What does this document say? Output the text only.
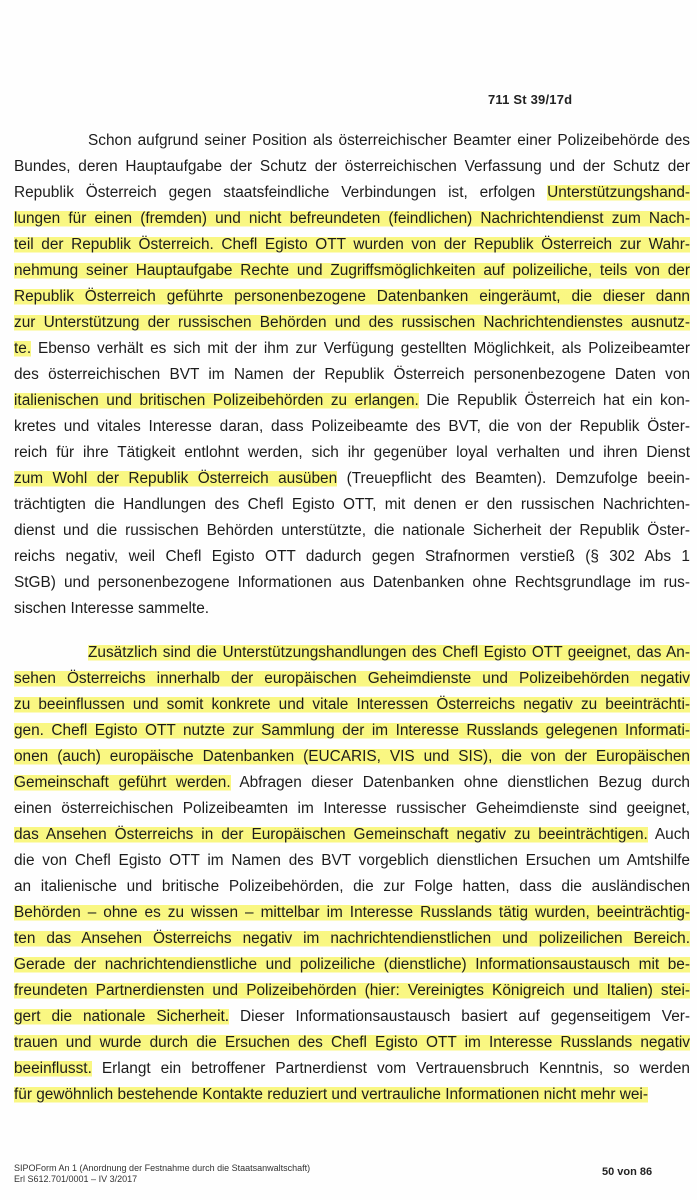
711 St 39/17d
Schon aufgrund seiner Position als österreichischer Beamter einer Polizeibehörde des
Bundes, deren Hauptaufgabe der Schutz der österreichischen Verfassung und der Schutz der
Republik Österreich gegen staatsfeindliche Verbindungen ist, erfolgen Unterstützungshand-
lungen für einen (fremden) und nicht befreundeten (feindlichen) Nachrichtendienst zum Nach-
teil der Republik Österreich. Chefl Egisto OTT wurden von der Republik Österreich zur Wahr-
nehmung seiner Hauptaufgabe Rechte und Zugriffsmöglichkeiten auf polizeiliche, teils von der
Republik Österreich geführte personenbezogene Datenbanken eingeräumt, die dieser dann
zur Unterstützung der russischen Behörden und des russischen Nachrichtendienstes ausnutz-
te. Ebenso verhält es sich mit der ihm zur Verfügung gestellten Möglichkeit, als Polizeibeamter
des österreichischen BVT im Namen der Republik Österreich personenbezogene Daten von
italienischen und britischen Polizeibehörden zu erlangen. Die Republik Österreich hat ein kon-
kretes und vitales Interesse daran, dass Polizeibeamte des BVT, die von der Republik Öster-
reich für ihre Tätigkeit entlohnt werden, sich ihr gegenüber loyal verhalten und ihren Dienst
zum Wohl der Republik Österreich ausüben (Treuepflicht des Beamten). Demzufolge beein-
trächtigten die Handlungen des Chefl Egisto OTT, mit denen er den russischen Nachrichten-
dienst und die russischen Behörden unterstützte, die nationale Sicherheit der Republik Öster-
reichs negativ, weil Chefl Egisto OTT dadurch gegen Strafnormen verstieß (§ 302 Abs 1
StGB) und personenbezogene Informationen aus Datenbanken ohne Rechtsgrundlage im rus-
sischen Interesse sammelte.
Zusätzlich sind die Unterstützungshandlungen des Chefl Egisto OTT geeignet, das An-
sehen Österreichs innerhalb der europäischen Geheimdienste und Polizeibehörden negativ
zu beeinflussen und somit konkrete und vitale Interessen Österreichs negativ zu beeinträchti-
gen. Chefl Egisto OTT nutzte zur Sammlung der im Interesse Russlands gelegenen Informati-
onen (auch) europäische Datenbanken (EUCARIS, VIS und SIS), die von der Europäischen
Gemeinschaft geführt werden. Abfragen dieser Datenbanken ohne dienstlichen Bezug durch
einen österreichischen Polizeibeamten im Interesse russischer Geheimdienste sind geeignet,
das Ansehen Österreichs in der Europäischen Gemeinschaft negativ zu beeinträchtigen. Auch
die von Chefl Egisto OTT im Namen des BVT vorgeblich dienstlichen Ersuchen um Amtshilfe
an italienische und britische Polizeibehörden, die zur Folge hatten, dass die ausländischen
Behörden – ohne es zu wissen – mittelbar im Interesse Russlands tätig wurden, beeinträchtig-
ten das Ansehen Österreichs negativ im nachrichtendienstlichen und polizeilichen Bereich.
Gerade der nachrichtendienstliche und polizeiliche (dienstliche) Informationsaustausch mit be-
freundeten Partnerdiensten und Polizeibehörden (hier: Vereinigtes Königreich und Italien) stei-
gert die nationale Sicherheit. Dieser Informationsaustausch basiert auf gegenseitigem Ver-
trauen und wurde durch die Ersuchen des Chefl Egisto OTT im Interesse Russlands negativ
beeinflusst. Erlangt ein betroffener Partnerdienst vom Vertrauensbruch Kenntnis, so werden
für gewöhnlich bestehende Kontakte reduziert und vertrauliche Informationen nicht mehr wei-
SIPOForm An 1 (Anordnung der Festnahme durch die Staatsanwaltschaft)
Erl S612.701/0001 – IV 3/2017
50 von 86
